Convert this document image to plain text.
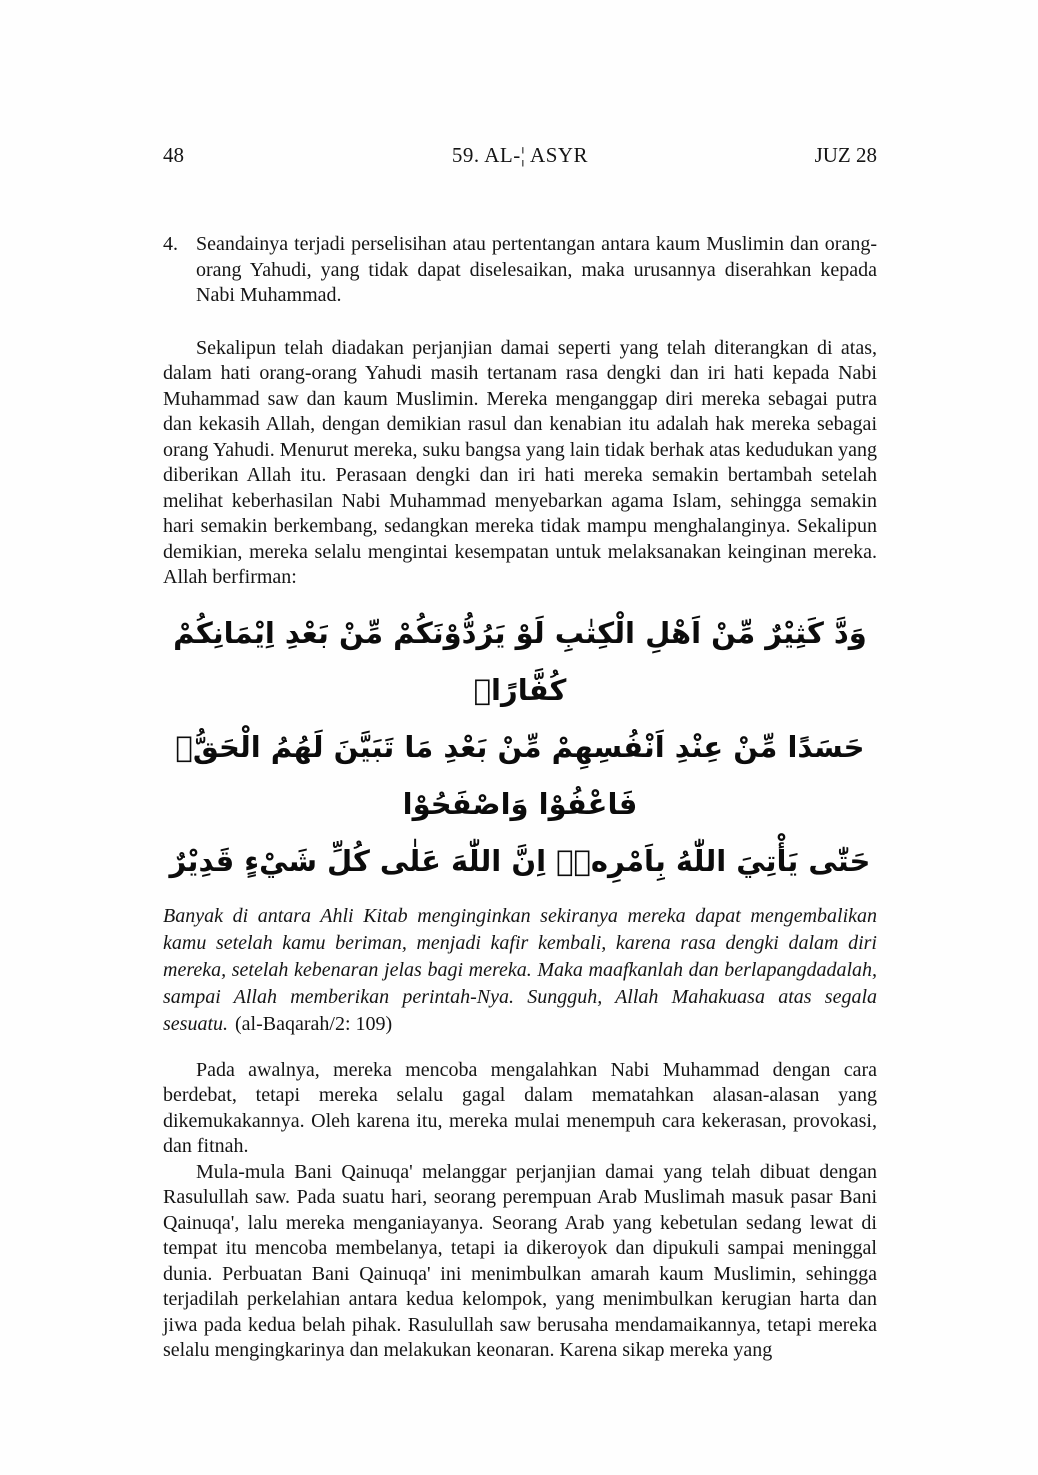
48	59. AL-¦ ASYR	JUZ 28
4. Seandainya terjadi perselisihan atau pertentangan antara kaum Muslimin dan orang-orang Yahudi, yang tidak dapat diselesaikan, maka urusannya diserahkan kepada Nabi Muhammad.

Sekalipun telah diadakan perjanjian damai seperti yang telah diterangkan di atas, dalam hati orang-orang Yahudi masih tertanam rasa dengki dan iri hati kepada Nabi Muhammad saw dan kaum Muslimin. Mereka menganggap diri mereka sebagai putra dan kekasih Allah, dengan demikian rasul dan kenabian itu adalah hak mereka sebagai orang Yahudi. Menurut mereka, suku bangsa yang lain tidak berhak atas kedudukan yang diberikan Allah itu. Perasaan dengki dan iri hati mereka semakin bertambah setelah melihat keberhasilan Nabi Muhammad menyebarkan agama Islam, sehingga semakin hari semakin berkembang, sedangkan mereka tidak mampu menghalanginya. Sekalipun demikian, mereka selalu mengintai kesempatan untuk melaksanakan keinginan mereka. Allah berfirman:

وَدَّ كَثِيْرٌ مِّنْ اَهْلِ الْكِتٰبِ لَوْ يَرُدُّوْنَكُمْ مِّنْ بَعْدِ اِيْمَانِكُمْ كُفَّارًاۚ
حَسَدًا مِّنْ عِنْدِ اَنْفُسِهِمْ مِّنْ بَعْدِ مَا تَبَيَّنَ لَهُمُ الْحَقُّۚ فَاعْفُوْا وَاصْفَحُوْا
حَتّٰى يَأْتِيَ اللّٰهُ بِاَمْرِهٖۗ اِنَّ اللّٰهَ عَلٰى كُلِّ شَيْءٍ قَدِيْرٌ

Banyak di antara Ahli Kitab menginginkan sekiranya mereka dapat mengembalikan kamu setelah kamu beriman, menjadi kafir kembali, karena rasa dengki dalam diri mereka, setelah kebenaran jelas bagi mereka. Maka maafkanlah dan berlapangdadalah, sampai Allah memberikan perintah-Nya. Sungguh, Allah Mahakuasa atas segala sesuatu. (al-Baqarah/2: 109)

Pada awalnya, mereka mencoba mengalahkan Nabi Muhammad dengan cara berdebat, tetapi mereka selalu gagal dalam mematahkan alasan-alasan yang dikemukakannya. Oleh karena itu, mereka mulai menempuh cara kekerasan, provokasi, dan fitnah.

Mula-mula Bani Qainuqa' melanggar perjanjian damai yang telah dibuat dengan Rasulullah saw. Pada suatu hari, seorang perempuan Arab Muslimah masuk pasar Bani Qainuqa', lalu mereka menganiayanya. Seorang Arab yang kebetulan sedang lewat di tempat itu mencoba membelanya, tetapi ia dikeroyok dan dipukuli sampai meninggal dunia. Perbuatan Bani Qainuqa' ini menimbulkan amarah kaum Muslimin, sehingga terjadilah perkelahian antara kedua kelompok, yang menimbulkan kerugian harta dan jiwa pada kedua belah pihak. Rasulullah saw berusaha mendamaikannya, tetapi mereka selalu mengingkarinya dan melakukan keonaran. Karena sikap mereka yang
